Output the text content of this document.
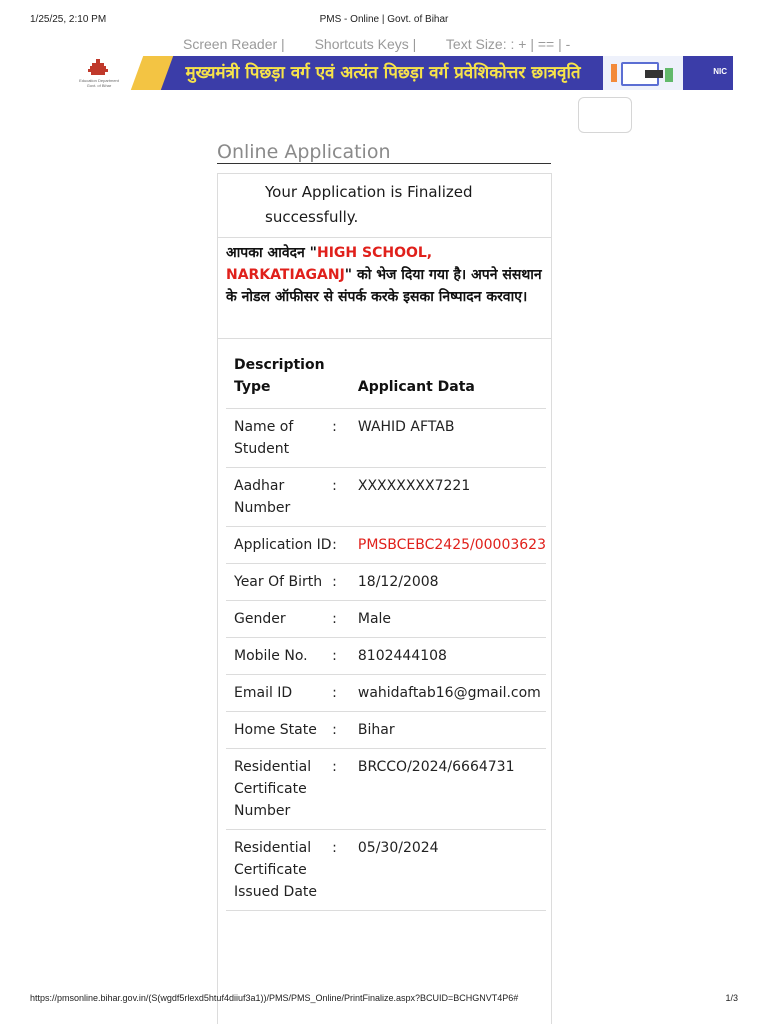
1/25/25, 2:10 PM	PMS - Online | Govt. of Bihar
Screen Reader | Shortcuts Keys | Text Size: : + | == | -
Education Department Govt. of Bihar
मुख्यमंत्री पिछड़ा वर्ग एवं अत्यंत पिछड़ा वर्ग प्रवेशिकोत्तर छात्रवृति	NIC
Online Application
Your Application is Finalized successfully.
आपका आवेदन "HIGH SCHOOL, NARKATIAGANJ" को भेज दिया गया है। अपने संसथान के नोडल ऑफीसर से संपर्क करके इसका निष्पादन करवाए।
Description Type		Applicant Data
Name of Student	:	WAHID AFTAB
Aadhar Number	:	XXXXXXXX7221
Application ID	:	PMSBCEBC2425/00003623
Year Of Birth	:	18/12/2008
Gender	:	Male
Mobile No.	:	8102444108
Email ID	:	wahidaftab16@gmail.com
Home State	:	Bihar
Residential Certificate Number	:	BRCCO/2024/6664731
Residential Certificate Issued Date	:	05/30/2024
https://pmsonline.bihar.gov.in/(S(wgdf5rlexd5htuf4diiuf3a1))/PMS/PMS_Online/PrintFinalize.aspx?BCUID=BCHGNVT4P6#	1/3
